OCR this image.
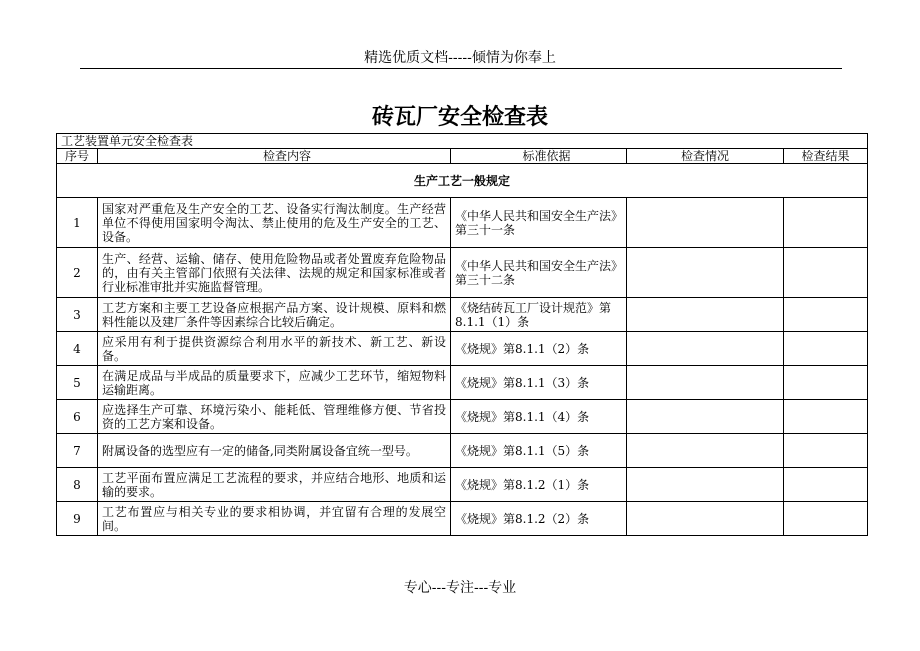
精选优质文档-----倾情为你奉上
砖瓦厂安全检查表
工艺装置单元安全检查表				
序号	检查内容	标准依据	检查情况	检查结果
生产工艺一般规定				
1	国家对严重危及生产安全的工艺、设备实行淘汰制度。生产经营单位不得使用国家明令淘汰、禁止使用的危及生产安全的工艺、设备。	《中华人民共和国安全生产法》第三十一条		
2	生产、经营、运输、储存、使用危险物品或者处置废弃危险物品的，由有关主管部门依照有关法律、法规的规定和国家标准或者行业标准审批并实施监督管理。	《中华人民共和国安全生产法》第三十二条		
3	工艺方案和主要工艺设备应根据产品方案、设计规模、原料和燃料性能以及建厂条件等因素综合比较后确定。	《烧结砖瓦工厂设计规范》第8.1.1（1）条		
4	应采用有利于提供资源综合利用水平的新技术、新工艺、新设备。	《烧规》第8.1.1（2）条		
5	在满足成品与半成品的质量要求下，应减少工艺环节，缩短物料运输距离。	《烧规》第8.1.1（3）条		
6	应选择生产可靠、环境污染小、能耗低、管理维修方便、节省投资的工艺方案和设备。	《烧规》第8.1.1（4）条		
7	附属设备的选型应有一定的储备,同类附属设备宜统一型号。	《烧规》第8.1.1（5）条		
8	工艺平面布置应满足工艺流程的要求，并应结合地形、地质和运输的要求。	《烧规》第8.1.2（1）条		
9	工艺布置应与相关专业的要求相协调，并宜留有合理的发展空间。	《烧规》第8.1.2（2）条		
专心---专注---专业
